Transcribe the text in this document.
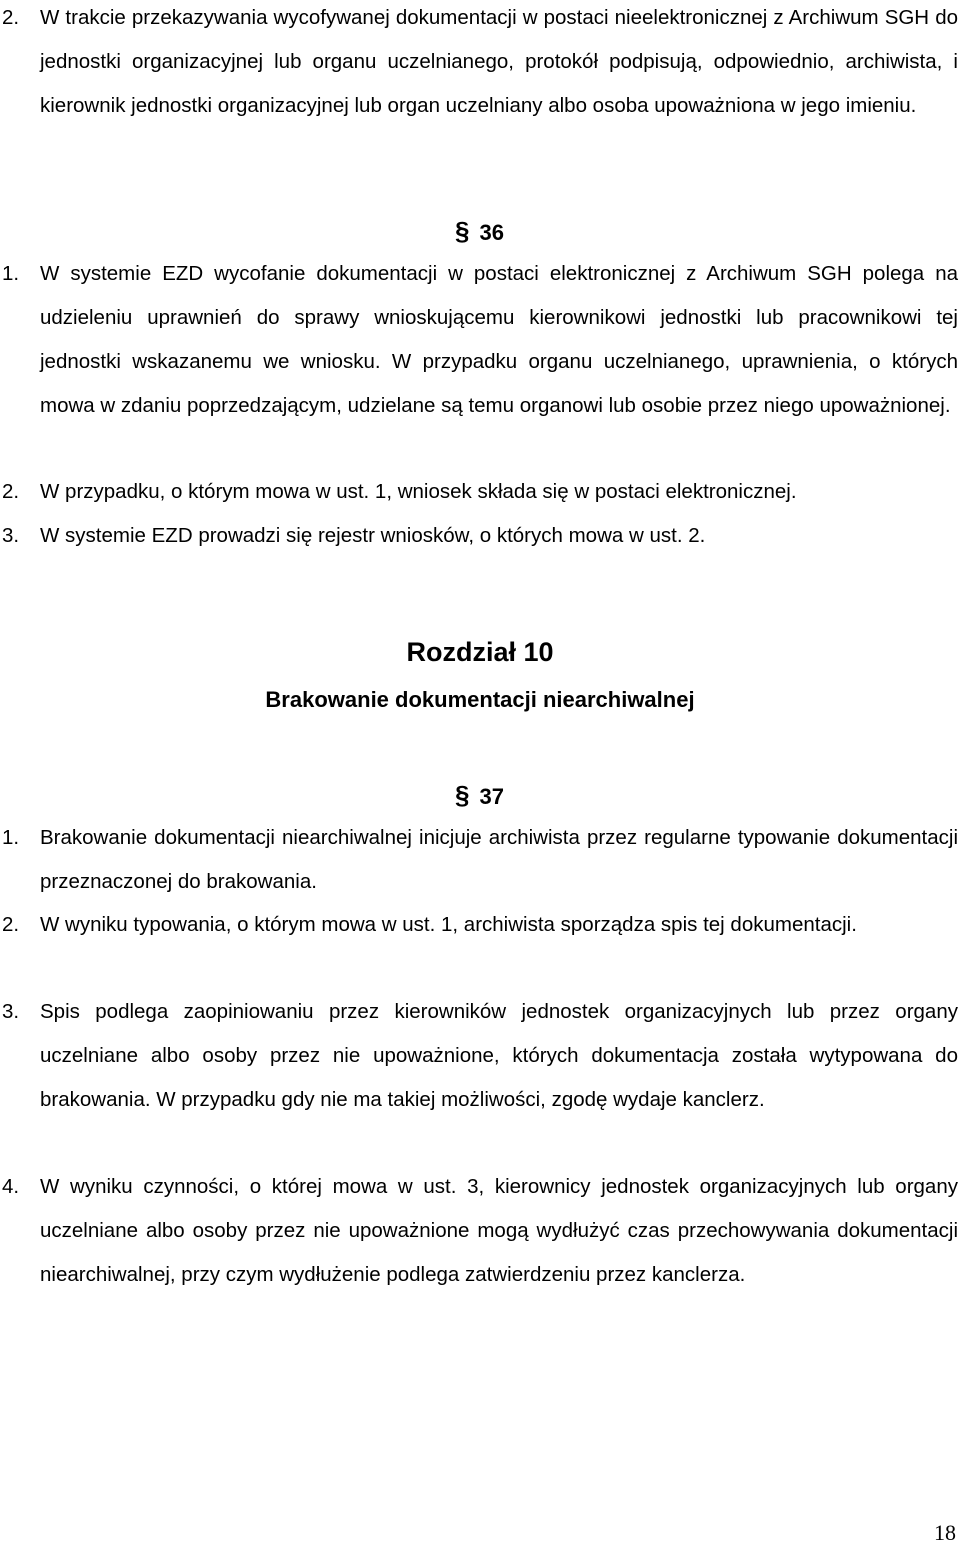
2.	W trakcie przekazywania wycofywanej dokumentacji w postaci nieelektronicznej z Archiwum SGH do jednostki organizacyjnej lub organu uczelnianego, protokół podpisują, odpowiednio, archiwista, i kierownik jednostki organizacyjnej lub organ uczelniany albo osoba upoważniona w jego imieniu.
§ 36
1.	W systemie EZD wycofanie dokumentacji w postaci elektronicznej z Archiwum SGH polega na udzieleniu uprawnień do sprawy wnioskującemu kierownikowi jednostki lub pracownikowi tej jednostki wskazanemu we wniosku. W przypadku organu uczelnianego, uprawnienia, o których mowa w zdaniu poprzedzającym, udzielane są temu organowi lub osobie przez niego upoważnionej.
2.	W przypadku, o którym mowa w ust. 1, wniosek składa się w postaci elektronicznej.
3.	W systemie EZD prowadzi się rejestr wniosków, o których mowa w ust. 2.
Rozdział 10
Brakowanie dokumentacji niearchiwalnej
§ 37
1.	Brakowanie dokumentacji niearchiwalnej inicjuje archiwista przez regularne typowanie dokumentacji przeznaczonej do brakowania.
2.	W wyniku typowania, o którym mowa w ust. 1, archiwista sporządza spis tej dokumentacji.
3.	Spis podlega zaopiniowaniu przez kierowników jednostek organizacyjnych lub przez organy uczelniane albo osoby przez nie upoważnione, których dokumentacja została wytypowana do brakowania. W przypadku gdy nie ma takiej możliwości, zgodę wydaje kanclerz.
4.	W wyniku czynności, o której mowa w ust. 3, kierownicy jednostek organizacyjnych lub organy uczelniane albo osoby przez nie upoważnione mogą wydłużyć czas przechowywania dokumentacji niearchiwalnej, przy czym wydłużenie podlega zatwierdzeniu przez kanclerza.
18
